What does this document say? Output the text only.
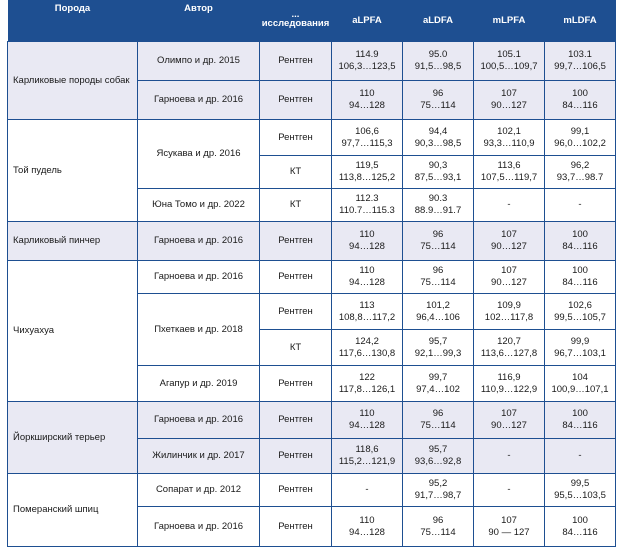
Порода	Автор	...
исследования	aLPFA	aLDFA	mLPFA	mLDFA
Карликовые породы собак	Олимпо и др. 2015	Рентген	114.9
106,3…123,5	95.0
91,5…98,5	105.1
100,5…109,7	103.1
99,7…106,5

	Гарноева и др. 2016	Рентген	110
94…128	96
75…114	107
90…127	100
84…116

Той пудель	Ясукава и др. 2016	Рентген	106,6
97,7…115,3	94,4
90,3…98,5	102,1
93,3…110,9	99,1
96,0…102,2

		КТ	119,5
113,8…125,2	90,3
87,5…93,1	113,6
107,5…119,7	96,2
93,7…98.7

	Юна Томо и др. 2022	КТ	112.3
110.7…115.3	90.3
88.9…91.7	-	-

Карликовый пинчер	Гарноева и др. 2016	Рентген	110
94…128	96
75…114	107
90…127	100
84…116

Чихуахуа	Гарноева и др. 2016	Рентген	110
94…128	96
75…114	107
90…127	100
84…116

	Пхеткаев и др. 2018	Рентген	113
108,8…117,2	101,2
96,4…106	109,9
102…117,8	102,6
99,5…105,7

		КТ	124,2
117,6…130,8	95,7
92,1…99,3	120,7
113,6…127,8	99,9
96,7…103,1

	Агапур и др. 2019	Рентген	122
117,8…126,1	99,7
97,4…102	116,9
110,9…122,9	104
100,9…107,1

Йоркширский терьер	Гарноева и др. 2016	Рентген	110
94…128	96
75…114	107
90…127	100
84…116

	Жилинчик и др. 2017	Рентген	118,6
115,2…121,9	95,7
93,6…92,8	-	-

Померанский шпиц	Сопарат и др. 2012	Рентген	-	95,2
91,7…98,7	-	99,5
95,5…103,5

	Гарноева и др. 2016	Рентген	110
94…128	96
75…114	107
90 — 127	100
84…116
